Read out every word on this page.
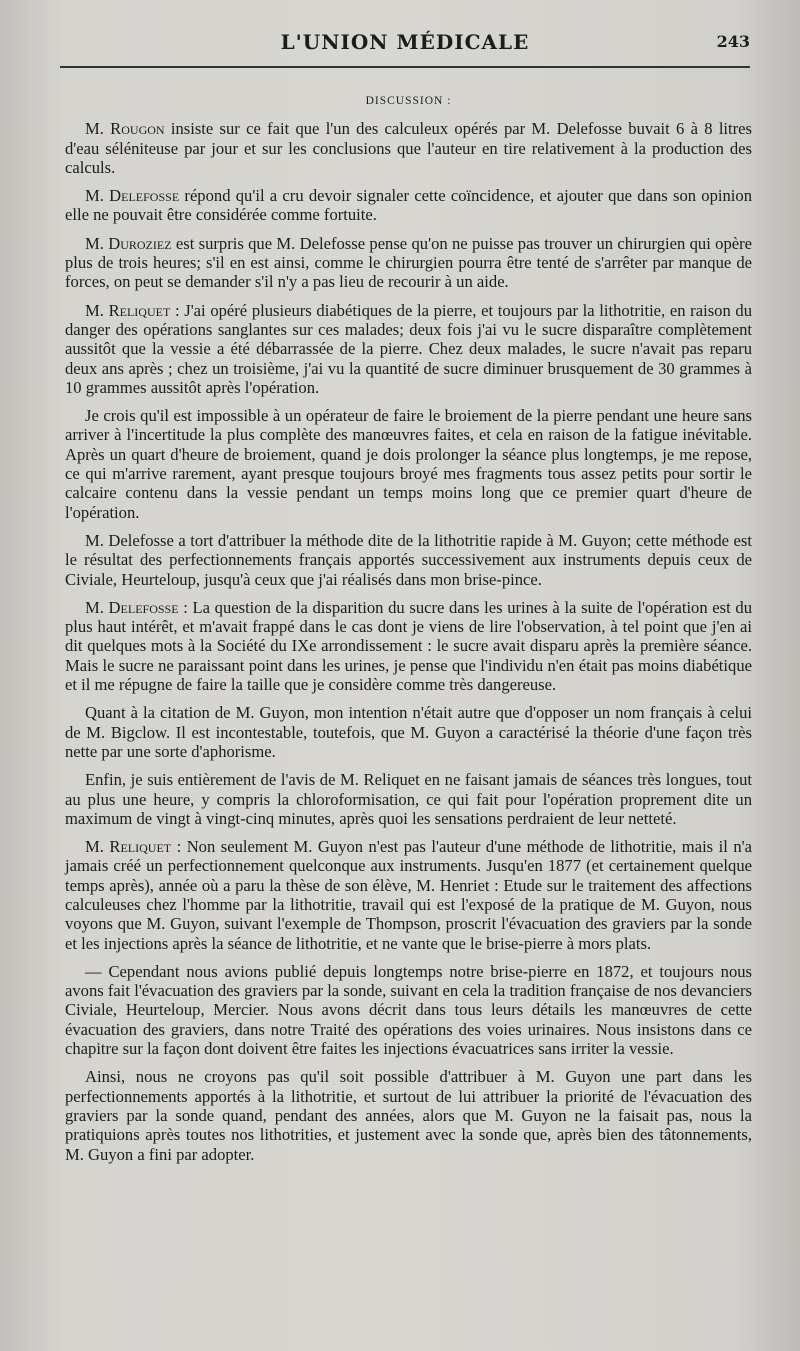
L'UNION MÉDICALE	243
DISCUSSION :

M. Rougon insiste sur ce fait que l'un des calculeux opérés par M. Delefosse buvait 6 à 8 litres d'eau séléniteuse par jour et sur les conclusions que l'auteur en tire relativement à la production des calculs.

M. Delefosse répond qu'il a cru devoir signaler cette coïncidence, et ajouter que dans son opinion elle ne pouvait être considérée comme fortuite.

M. Duroziez est surpris que M. Delefosse pense qu'on ne puisse pas trouver un chirurgien qui opère plus de trois heures; s'il en est ainsi, comme le chirurgien pourra être tenté de s'arrêter par manque de forces, on peut se demander s'il n'y a pas lieu de recourir à un aide.

M. Reliquet : J'ai opéré plusieurs diabétiques de la pierre, et toujours par la lithotritie, en raison du danger des opérations sanglantes sur ces malades; deux fois j'ai vu le sucre disparaître complètement aussitôt que la vessie a été débarrassée de la pierre. Chez deux malades, le sucre n'avait pas reparu deux ans après ; chez un troisième, j'ai vu la quantité de sucre diminuer brusquement de 30 grammes à 10 grammes aussitôt après l'opération.

Je crois qu'il est impossible à un opérateur de faire le broiement de la pierre pendant une heure sans arriver à l'incertitude la plus complète des manœuvres faites, et cela en raison de la fatigue inévitable. Après un quart d'heure de broiement, quand je dois prolonger la séance plus longtemps, je me repose, ce qui m'arrive rarement, ayant presque toujours broyé mes fragments tous assez petits pour sortir le calcaire contenu dans la vessie pendant un temps moins long que ce premier quart d'heure de l'opération.

M. Delefosse a tort d'attribuer la méthode dite de la lithotritie rapide à M. Guyon; cette méthode est le résultat des perfectionnements français apportés successivement aux instruments depuis ceux de Civiale, Heurteloup, jusqu'à ceux que j'ai réalisés dans mon brise-pince.

M. Delefosse : La question de la disparition du sucre dans les urines à la suite de l'opération est du plus haut intérêt, et m'avait frappé dans le cas dont je viens de lire l'observation, à tel point que j'en ai dit quelques mots à la Société du IXe arrondissement : le sucre avait disparu après la première séance. Mais le sucre ne paraissant point dans les urines, je pense que l'individu n'en était pas moins diabétique et il me répugne de faire la taille que je considère comme très dangereuse.

Quant à la citation de M. Guyon, mon intention n'était autre que d'opposer un nom français à celui de M. Bigclow. Il est incontestable, toutefois, que M. Guyon a caractérisé la théorie d'une façon très nette par une sorte d'aphorisme.

Enfin, je suis entièrement de l'avis de M. Reliquet en ne faisant jamais de séances très longues, tout au plus une heure, y compris la chloroformisation, ce qui fait pour l'opération proprement dite un maximum de vingt à vingt-cinq minutes, après quoi les sensations perdraient de leur netteté.

M. Reliquet : Non seulement M. Guyon n'est pas l'auteur d'une méthode de lithotritie, mais il n'a jamais créé un perfectionnement quelconque aux instruments. Jusqu'en 1877 (et certainement quelque temps après), année où a paru la thèse de son élève, M. Henriet : Etude sur le traitement des affections calculeuses chez l'homme par la lithotritie, travail qui est l'exposé de la pratique de M. Guyon, nous voyons que M. Guyon, suivant l'exemple de Thompson, proscrit l'évacuation des graviers par la sonde et les injections après la séance de lithotritie, et ne vante que le brise-pierre à mors plats.

— Cependant nous avions publié depuis longtemps notre brise-pierre en 1872, et toujours nous avons fait l'évacuation des graviers par la sonde, suivant en cela la tradition française de nos devanciers Civiale, Heurteloup, Mercier. Nous avons décrit dans tous leurs détails les manœuvres de cette évacuation des graviers, dans notre Traité des opérations des voies urinaires. Nous insistons dans ce chapitre sur la façon dont doivent être faites les injections évacuatrices sans irriter la vessie.

Ainsi, nous ne croyons pas qu'il soit possible d'attribuer à M. Guyon une part dans les perfectionnements apportés à la lithotritie, et surtout de lui attribuer la priorité de l'évacuation des graviers par la sonde quand, pendant des années, alors que M. Guyon ne la faisait pas, nous la pratiquions après toutes nos lithotrities, et justement avec la sonde que, après bien des tâtonnements, M. Guyon a fini par adopter.
